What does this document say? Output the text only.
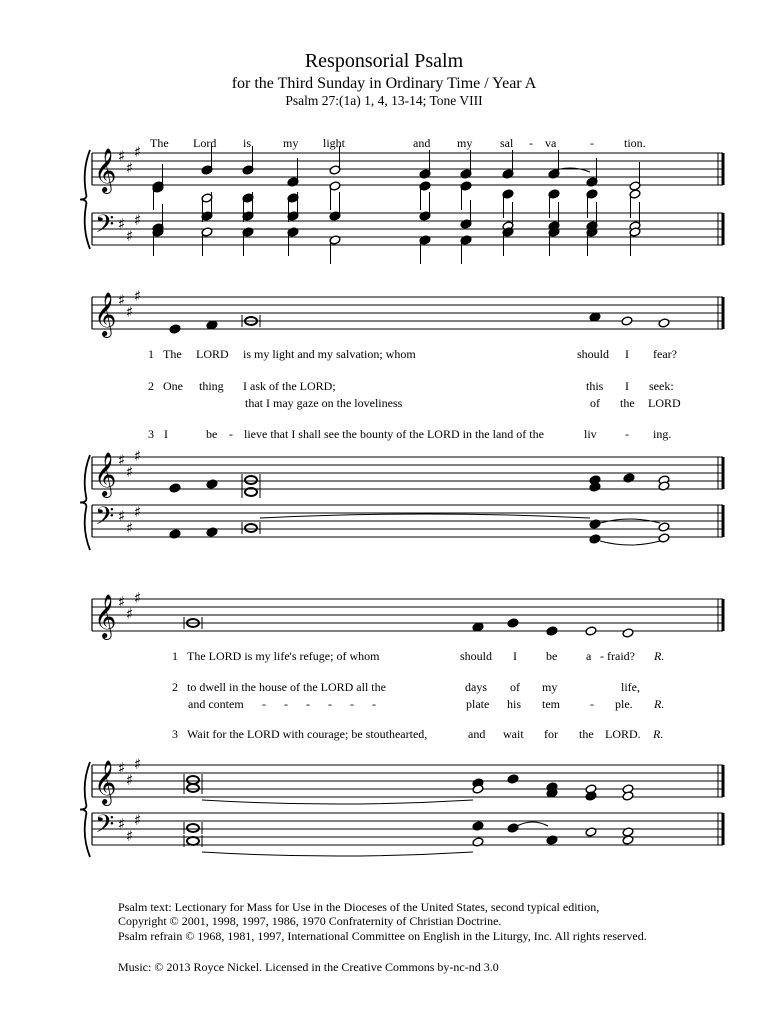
Responsorial Psalm
for the Third Sunday in Ordinary Time / Year A
Psalm 27:(1a) 1, 4, 13-14; Tone VIII
𝄞 ♯
♯
♯
𝄢 ♯
♯
♯
𝄞 ♯
♯
♯
𝄞 ♯
♯
♯
𝄢 ♯
♯
♯
𝄞 ♯
♯
♯
𝄞 ♯
♯
♯
𝄢 ♯
♯
♯
The Lord is	my light	and my sal - va	-	tion.
1 The LORD is my light and my salvation; whom	should I fear?
2 One thing I ask of the LORD;	this I seek:
that I may gaze on the loveliness	of the LORD
3 I	be - lieve that I shall see the bounty of the LORD in the land of the	liv - ing.
1 The LORD is my life's refuge; of whom	should I be a - fraid? R.
2 to dwell in the house of the LORD all the	days of my	life,
and contem -      -      -      -      -      -	plate his tem	- ple. R.
3 Wait for the LORD with courage; be stouthearted,	and wait for the LORD. R.
Psalm text: Lectionary for Mass for Use in the Dioceses of the United States, second typical edition,
Copyright © 2001, 1998, 1997, 1986, 1970 Confraternity of Christian Doctrine.
Psalm refrain © 1968, 1981, 1997, International Committee on English in the Liturgy, Inc. All rights reserved.
Music: © 2013 Royce Nickel. Licensed in the Creative Commons by-nc-nd 3.0
